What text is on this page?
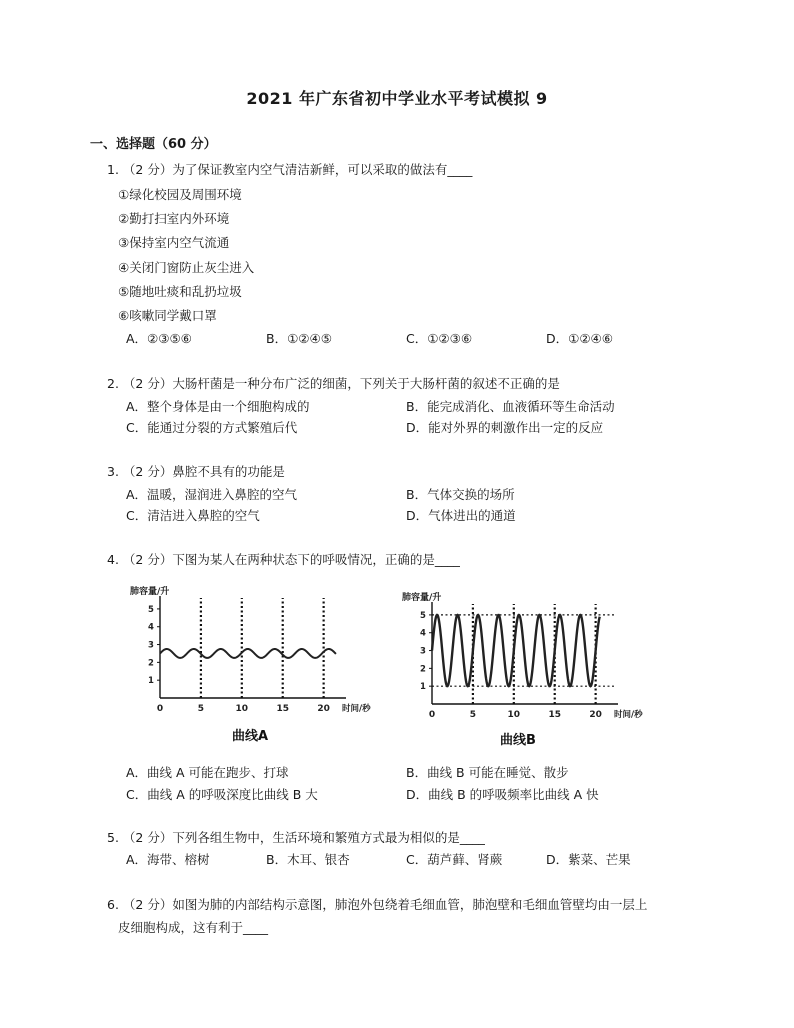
2021 年广东省初中学业水平考试模拟 9
一、选择题（60 分）
1. （2 分）为了保证教室内空气清洁新鲜，可以采取的做法有____
①绿化校园及周围环境
②勤打扫室内外环境
③保持室内空气流通
④关闭门窗防止灰尘进入
⑤随地吐痰和乱扔垃圾
⑥咳嗽同学戴口罩
A．②③⑤⑥	B．①②④⑤	C．①②③⑥	D．①②④⑥
2. （2 分）大肠杆菌是一种分布广泛的细菌，下列关于大肠杆菌的叙述不正确的是
A．整个身体是由一个细胞构成的	B．能完成消化、血液循环等生命活动
C．能通过分裂的方式繁殖后代	D．能对外界的刺激作出一定的反应
3. （2 分）鼻腔不具有的功能是
A．温暖，湿润进入鼻腔的空气	B．气体交换的场所
C．清洁进入鼻腔的空气	D．气体进出的通道
4. （2 分）下图为某人在两种状态下的呼吸情况，正确的是____
肺容量/升
1
2
3
4
5
0	5	10	15	20 时间/秒
曲线A
肺容量/升
1
2
3
4
5
0	5	10	15	20 时间/秒
曲线B
A．曲线 A 可能在跑步、打球	B．曲线 B 可能在睡觉、散步
C．曲线 A 的呼吸深度比曲线 B 大	D．曲线 B 的呼吸频率比曲线 A 快
5. （2 分）下列各组生物中，生活环境和繁殖方式最为相似的是____
A．海带、榕树	B．木耳、银杏	C．葫芦藓、肾蕨	D．紫菜、芒果
6. （2 分）如图为肺的内部结构示意图，肺泡外包绕着毛细血管，肺泡壁和毛细血管壁均由一层上
皮细胞构成，这有利于____
